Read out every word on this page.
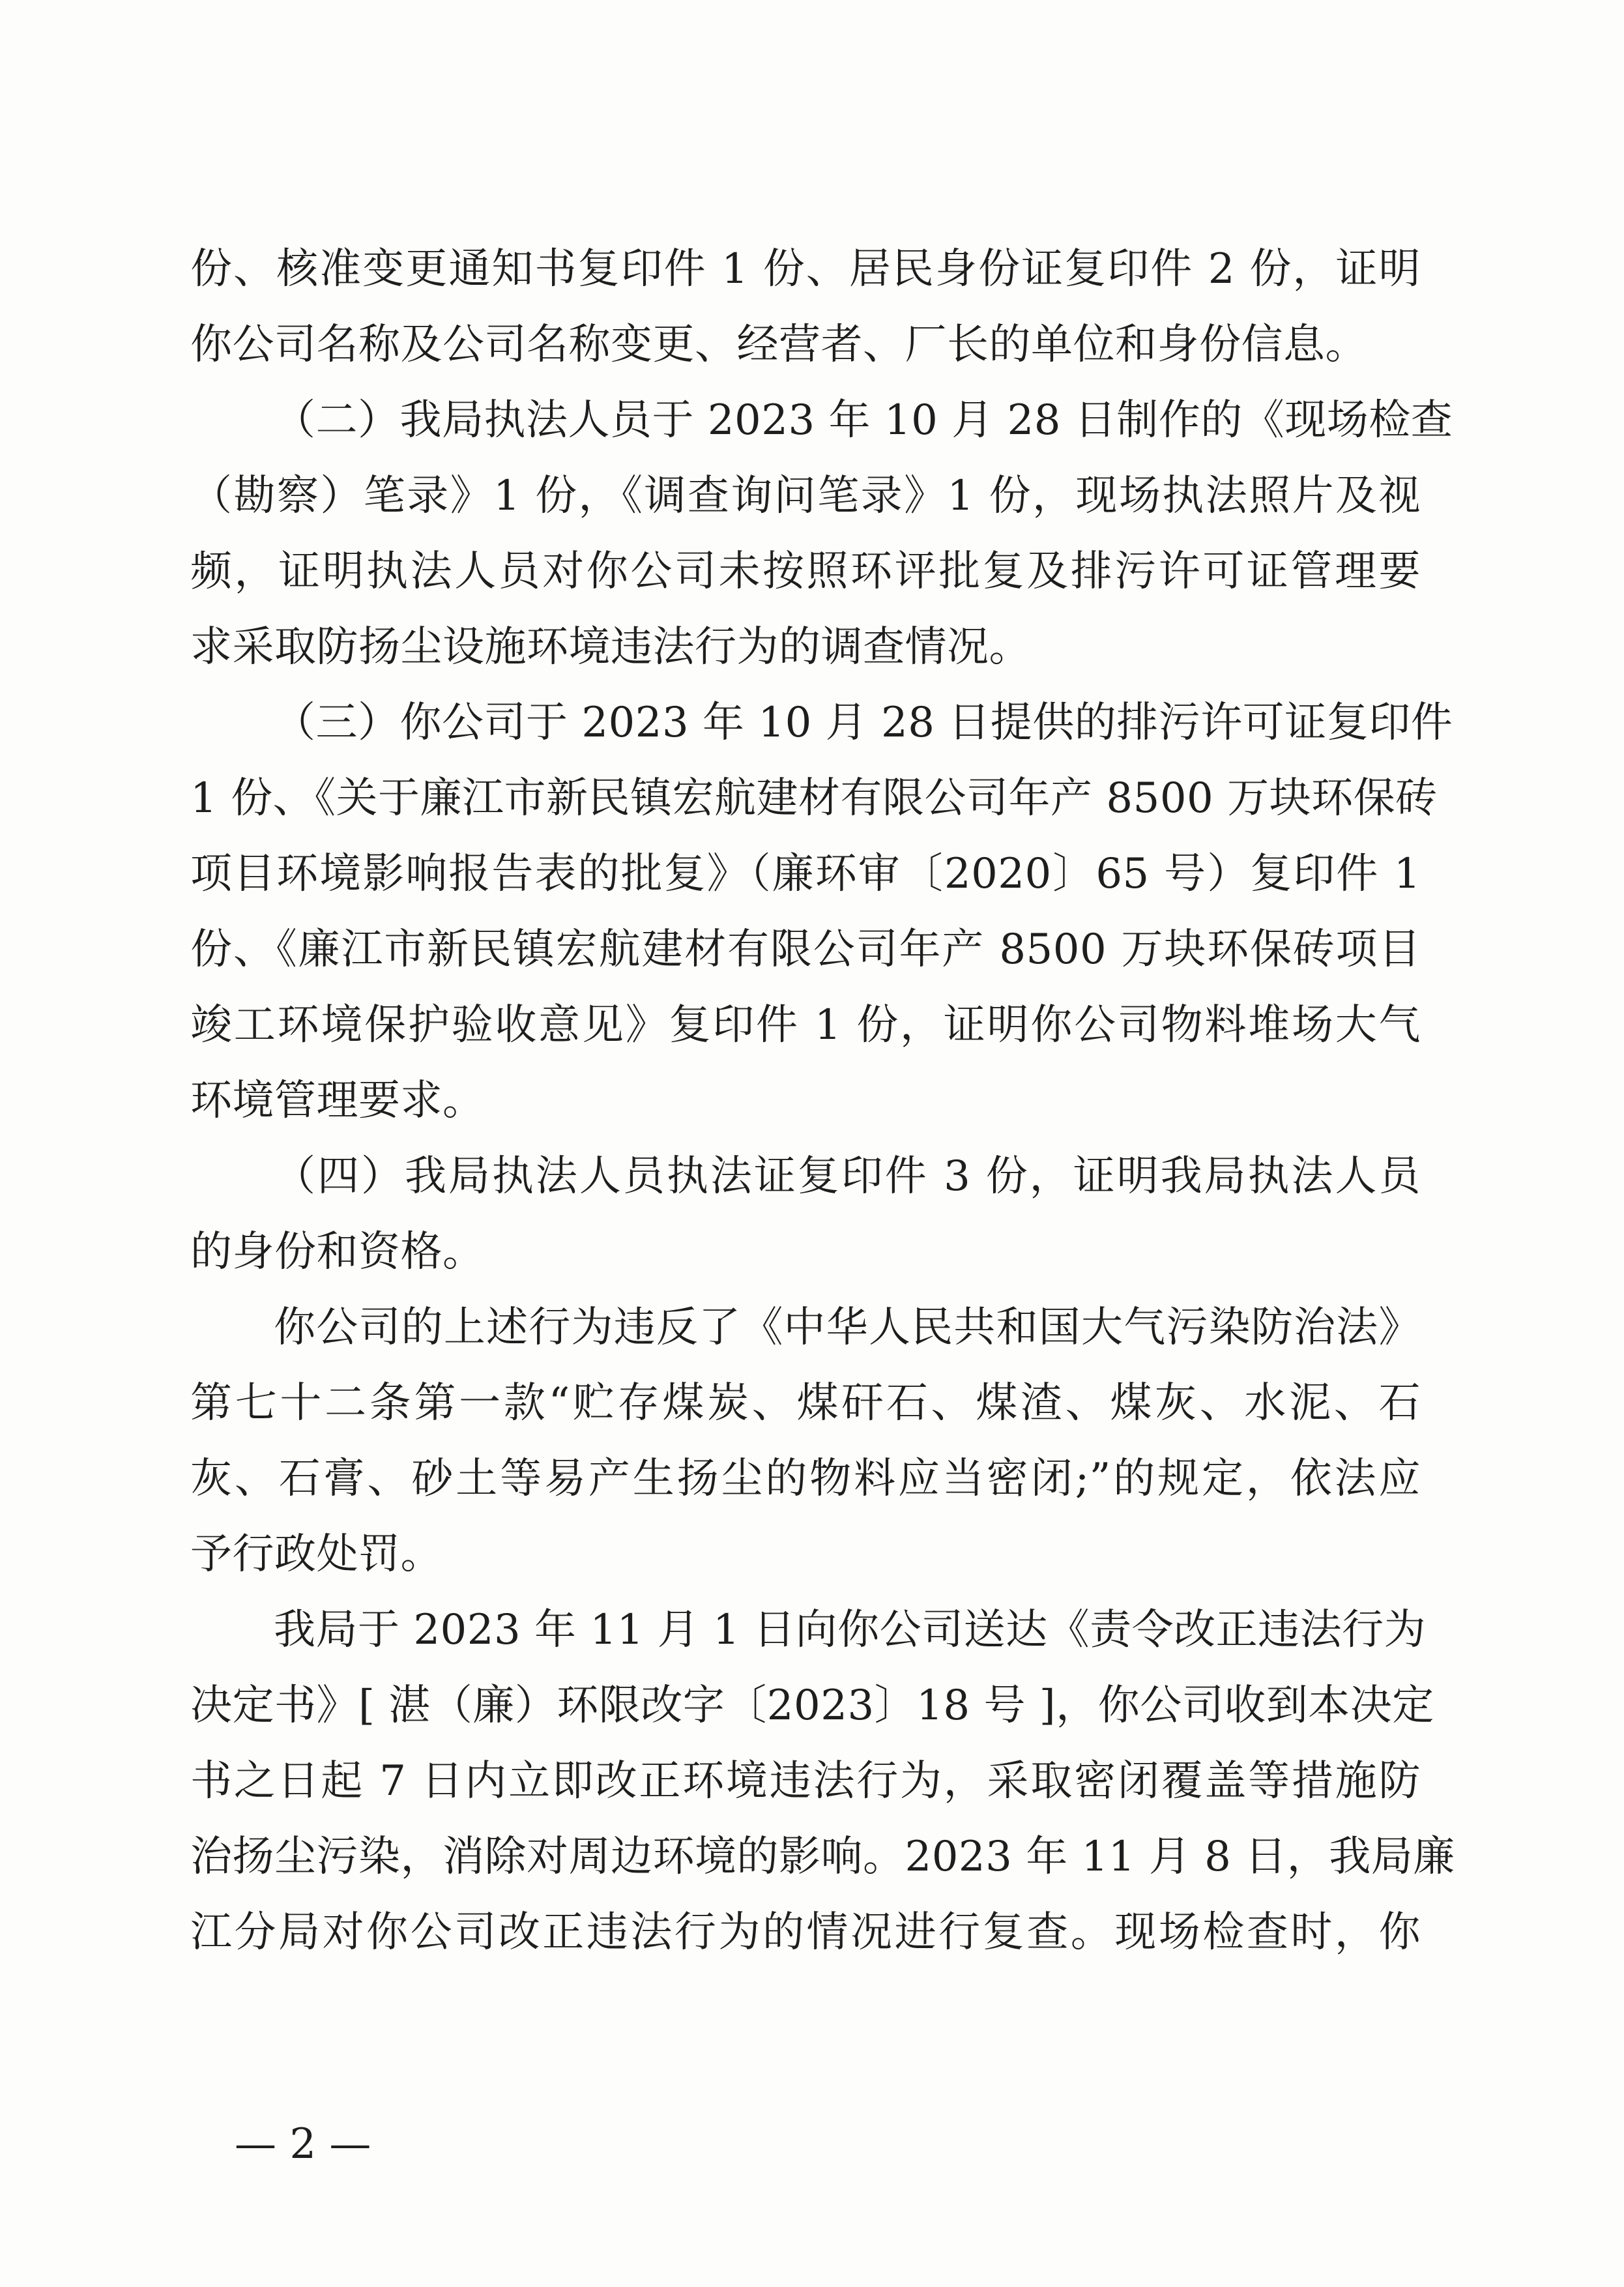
份、核准变更通知书复印件 1 份、居民身份证复印件 2 份，证明
你公司名称及公司名称变更、经营者、厂长的单位和身份信息。
（二）我局执法人员于 2023 年 10 月 28 日制作的《现场检查
（勘察）笔录》1 份，《调查询问笔录》1 份，现场执法照片及视
频，证明执法人员对你公司未按照环评批复及排污许可证管理要
求采取防扬尘设施环境违法行为的调查情况。
（三）你公司于 2023 年 10 月 28 日提供的排污许可证复印件
1 份、《关于廉江市新民镇宏航建材有限公司年产 8500 万块环保砖
项目环境影响报告表的批复》（廉环审〔2020〕65 号）复印件 1
份、《廉江市新民镇宏航建材有限公司年产 8500 万块环保砖项目
竣工环境保护验收意见》复印件 1 份，证明你公司物料堆场大气
环境管理要求。
（四）我局执法人员执法证复印件 3 份，证明我局执法人员
的身份和资格。
你公司的上述行为违反了《中华人民共和国大气污染防治法》
第七十二条第一款“贮存煤炭、煤矸石、煤渣、煤灰、水泥、石
灰、石膏、砂土等易产生扬尘的物料应当密闭;”的规定，依法应
予行政处罚。
我局于 2023 年 11 月 1 日向你公司送达《责令改正违法行为
决定书》[ 湛（廉）环限改字〔2023〕18 号 ]，你公司收到本决定
书之日起 7 日内立即改正环境违法行为，采取密闭覆盖等措施防
治扬尘污染，消除对周边环境的影响。2023 年 11 月 8 日，我局廉
江分局对你公司改正违法行为的情况进行复查。现场检查时，你
— 2 —
